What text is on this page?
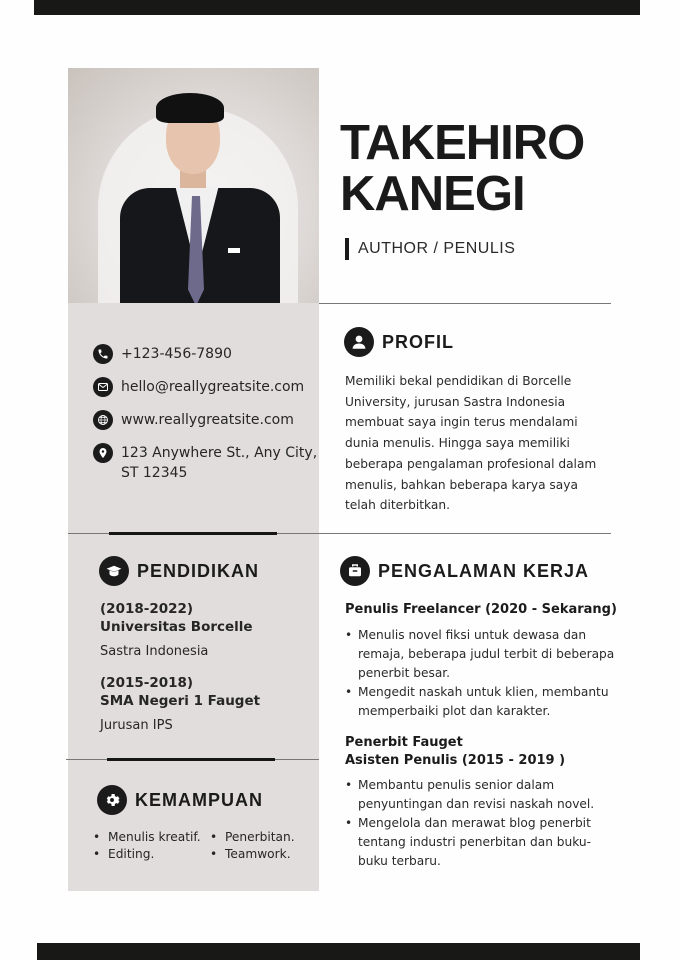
TAKEHIRO
KANEGI
AUTHOR / PENULIS
+123-456-7890
hello@reallygreatsite.com
www.reallygreatsite.com
123 Anywhere St., Any City,
ST 12345
PROFIL
Memiliki bekal pendidikan di Borcelle University, jurusan Sastra Indonesia membuat saya ingin terus mendalami dunia menulis. Hingga saya memiliki beberapa pengalaman profesional dalam menulis, bahkan beberapa karya saya telah diterbitkan.
PENDIDIKAN
(2018-2022)
Universitas Borcelle
Sastra Indonesia
(2015-2018)
SMA Negeri 1 Fauget
Jurusan IPS
PENGALAMAN KERJA
Penulis Freelancer (2020 - Sekarang)
• Menulis novel fiksi untuk dewasa dan remaja, beberapa judul terbit di beberapa penerbit besar.
• Mengedit naskah untuk klien, membantu memperbaiki plot dan karakter.
Penerbit Fauget
Asisten Penulis (2015 - 2019 )
• Membantu penulis senior dalam penyuntingan dan revisi naskah novel.
• Mengelola dan merawat blog penerbit tentang industri penerbitan dan buku-buku terbaru.
KEMAMPUAN
• Menulis kreatif.	• Penerbitan.
• Editing.	• Teamwork.
